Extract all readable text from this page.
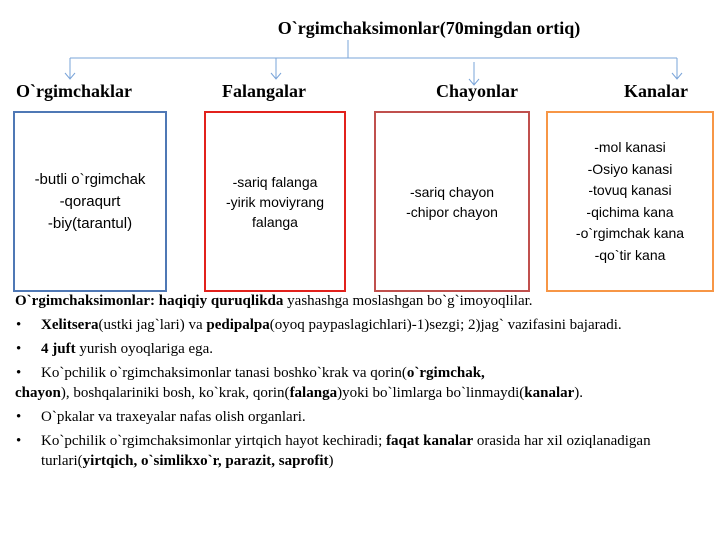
O`rgimchaksimonlar(70mingdan ortiq)
O`rgimchaklar	Falangalar	Chayonlar	Kanalar
-butli o`rgimchak
-qoraqurt
-biy(tarantul)
-sariq falanga
-yirik moviyrang
falanga
-sariq chayon
-chipor chayon
-mol kanasi
-Osiyo kanasi
-tovuq kanasi
-qichima kana
-o`rgimchak kana
-qo`tir kana

O`rgimchaksimonlar: haqiqiy quruqlikda yashashga moslashgan bo`g`imoyoqlilar.

• Xelitsera(ustki jag`lari) va pedipalpa(oyoq paypaslagichlari)-1)sezgi; 2)jag` vazifasini bajaradi.
• 4 juft yurish oyoqlariga ega.
• Ko`pchilik o`rgimchaksimonlar tanasi boshko`krak va qorin(o`rgimchak,
chayon), boshqalariniki bosh, ko`krak, qorin(falanga)yoki bo`limlarga bo`linmaydi(kanalar).
• O`pkalar va traxeyalar nafas olish organlari.
• Ko`pchilik o`rgimchaksimonlar yirtqich hayot kechiradi; faqat kanalar orasida har xil oziqlanadigan turlari(yirtqich, o`simlikxo`r, parazit, saprofit)
